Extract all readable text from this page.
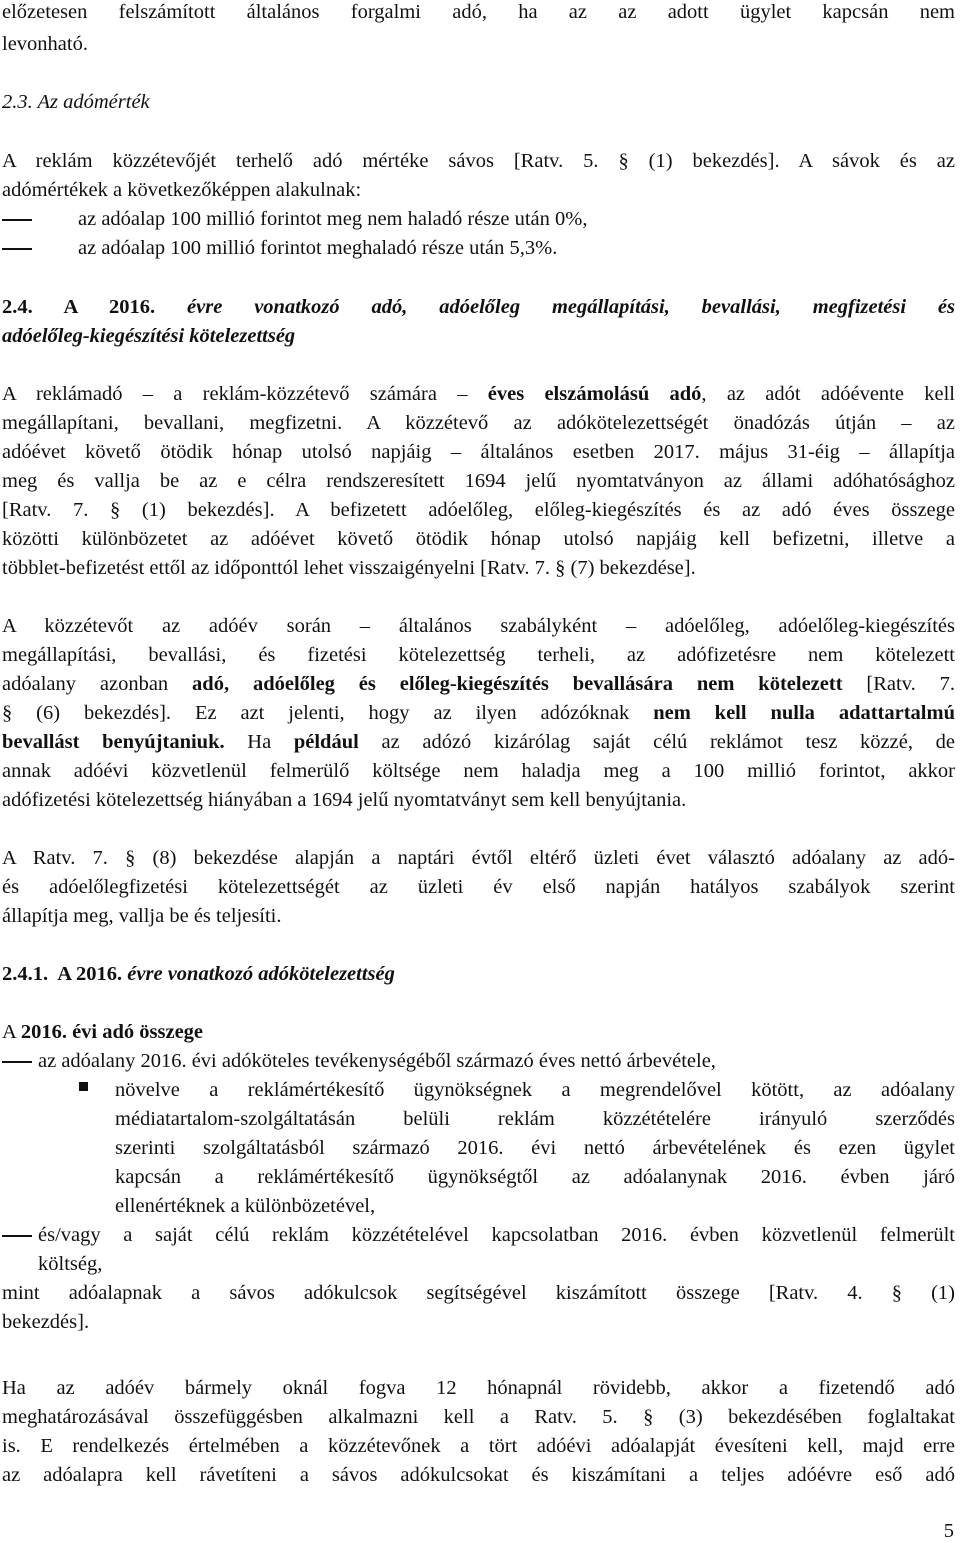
előzetesen felszámított általános forgalmi adó, ha az az adott ügylet kapcsán nem
levonható.
2.3. Az adómérték
A reklám közzétevőjét terhelő adó mértéke sávos [Ratv. 5. § (1) bekezdés]. A sávok és az
adómértékek a következőképpen alakulnak:
az adóalap 100 millió forintot meg nem haladó része után 0%,
az adóalap 100 millió forintot meghaladó része után 5,3%.
2.4. A 2016. évre vonatkozó adó, adóelőleg megállapítási, bevallási, megfizetési és
adóelőleg-kiegészítési kötelezettség
A reklámadó – a reklám-közzétevő számára – éves elszámolású adó, az adót adóévente kell
megállapítani, bevallani, megfizetni. A közzétevő az adókötelezettségét önadózás útján – az
adóévet követő ötödik hónap utolsó napjáig – általános esetben 2017. május 31-éig – állapítja
meg és vallja be az e célra rendszeresített 1694 jelű nyomtatványon az állami adóhatósághoz
[Ratv. 7. § (1) bekezdés]. A befizetett adóelőleg, előleg-kiegészítés és az adó éves összege
közötti különbözetet az adóévet követő ötödik hónap utolsó napjáig kell befizetni, illetve a
többlet-befizetést ettől az időponttól lehet visszaigényelni [Ratv. 7. § (7) bekezdése].
A közzétevőt az adóév során – általános szabályként – adóelőleg, adóelőleg-kiegészítés
megállapítási, bevallási, és fizetési kötelezettség terheli, az adófizetésre nem kötelezett
adóalany azonban adó, adóelőleg és előleg-kiegészítés bevallására nem kötelezett [Ratv. 7.
§ (6) bekezdés]. Ez azt jelenti, hogy az ilyen adózóknak nem kell nulla adattartalmú
bevallást benyújtaniuk. Ha például az adózó kizárólag saját célú reklámot tesz közzé, de
annak adóévi közvetlenül felmerülő költsége nem haladja meg a 100 millió forintot, akkor
adófizetési kötelezettség hiányában a 1694 jelű nyomtatványt sem kell benyújtania.
A Ratv. 7. § (8) bekezdése alapján a naptári évtől eltérő üzleti évet választó adóalany az adó-
és adóelőlegfizetési kötelezettségét az üzleti év első napján hatályos szabályok szerint
állapítja meg, vallja be és teljesíti.
2.4.1.  A 2016. évre vonatkozó adókötelezettség
A 2016. évi adó összege
az adóalany 2016. évi adóköteles tevékenységéből származó éves nettó árbevétele,
növelve a reklámértékesítő ügynökségnek a megrendelővel kötött, az adóalany
médiatartalom-szolgáltatásán belüli reklám közzétételére irányuló szerződés
szerinti szolgáltatásból származó 2016. évi nettó árbevételének és ezen ügylet
kapcsán a reklámértékesítő ügynökségtől az adóalanynak 2016. évben járó
ellenértéknek a különbözetével,
és/vagy a saját célú reklám közzétételével kapcsolatban 2016. évben közvetlenül felmerült
költség,
mint adóalapnak a sávos adókulcsok segítségével kiszámított összege [Ratv. 4. § (1)
bekezdés].
Ha az adóév bármely oknál fogva 12 hónapnál rövidebb, akkor a fizetendő adó
meghatározásával összefüggésben alkalmazni kell a Ratv. 5. § (3) bekezdésében foglaltakat
is. E rendelkezés értelmében a közzétevőnek a tört adóévi adóalapját évesíteni kell, majd erre
az adóalapra kell rávetíteni a sávos adókulcsokat és kiszámítani a teljes adóévre eső adó
5
